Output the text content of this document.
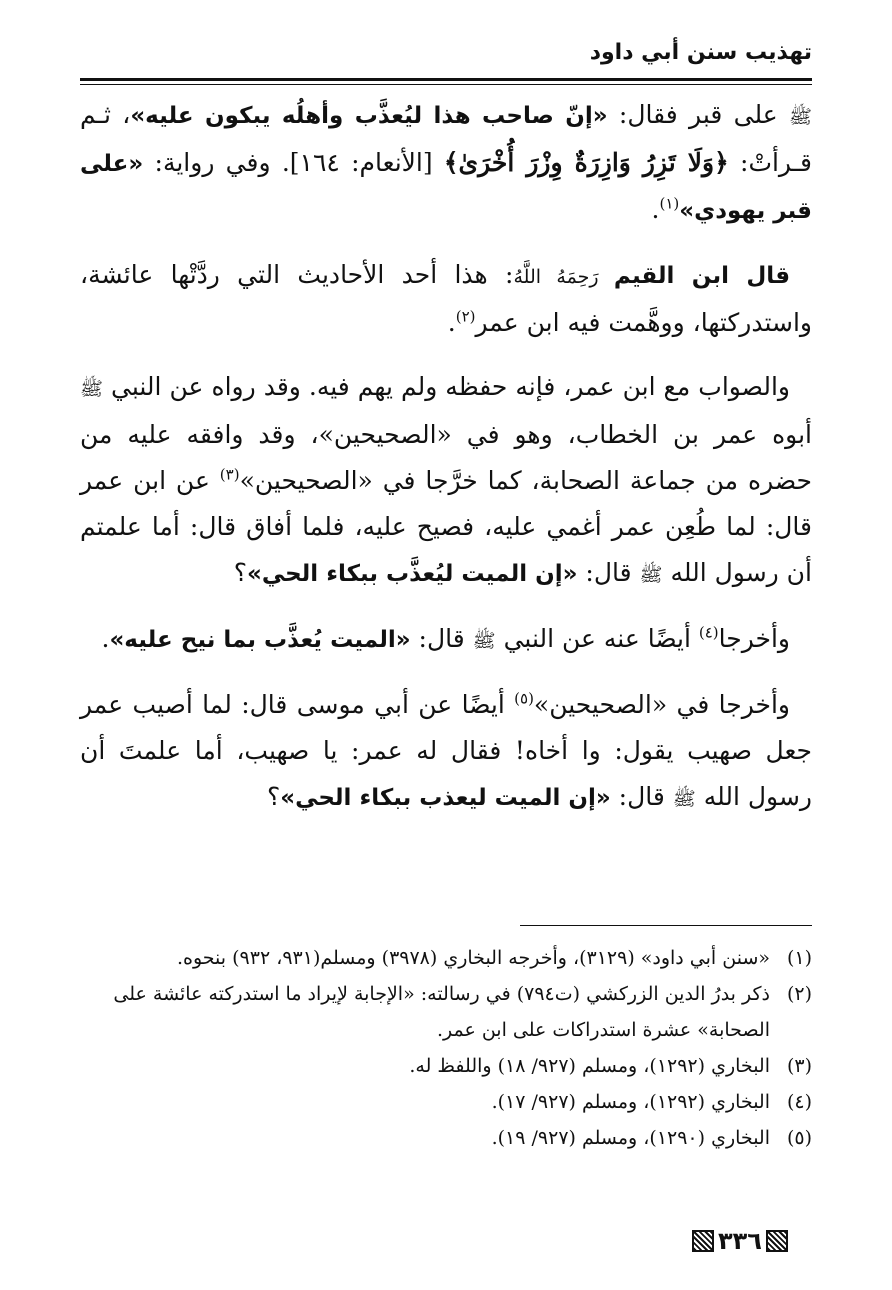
تهذيب سنن أبي داود

ﷺ على قبر فقال: «إنّ صاحب هذا ليُعذَّب وأهلُه يبكون عليه»، ثـم قـرأتْ: ﴿وَلَا تَزِرُ وَازِرَةٌ وِزْرَ أُخْرَىٰ﴾ [الأنعام: ١٦٤]. وفي رواية: «على قبر يهودي»$^{(١)}$.

قال ابن القيم رَحِمَهُ اللَّهُ: هذا أحد الأحاديث التي ردَّتْها عائشة، واستدركتها، ووهَّمت فيه ابن عمر$^{(٢)}$.

والصواب مع ابن عمر، فإنه حفظه ولم يهم فيه. وقد رواه عن النبي ﷺ أبوه عمر بن الخطاب، وهو في «الصحيحين»، وقد وافقه عليه من حضره من جماعة الصحابة، كما خرَّجا في «الصحيحين»$^{(٣)}$ عن ابن عمر قال: لما طُعِن عمر أغمي عليه، فصيح عليه، فلما أفاق قال: أما علمتم أن رسول الله ﷺ قال: «إن الميت ليُعذَّب ببكاء الحي»؟

وأخرجا$^{(٤)}$ أيضًا عنه عن النبي ﷺ قال: «الميت يُعذَّب بما نيح عليه».

وأخرجا في «الصحيحين»$^{(٥)}$ أيضًا عن أبي موسى قال: لما أصيب عمر جعل صهيب يقول: وا أخاه! فقال له عمر: يا صهيب، أما علمتَ أن رسول الله ﷺ قال: «إن الميت ليعذب ببكاء الحي»؟

(١)
«سنن أبي داود» (٣١٢٩)، وأخرجه البخاري (٣٩٧٨) ومسلم(٩٣١، ٩٣٢) بنحوه.

(٢)
ذكر بدرُ الدين الزركشي (ت٧٩٤) في رسالته: «الإجابة لإيراد ما استدركته عائشة على الصحابة» عشرة استدراكات على ابن عمر.

(٣)
البخاري (١٢٩٢)، ومسلم (٩٢٧/ ١٨) واللفظ له.

(٤)
البخاري (١٢٩٢)، ومسلم (٩٢٧/ ١٧).

(٥)
البخاري (١٢٩٠)، ومسلم (٩٢٧/ ١٩).

٣٣٦
